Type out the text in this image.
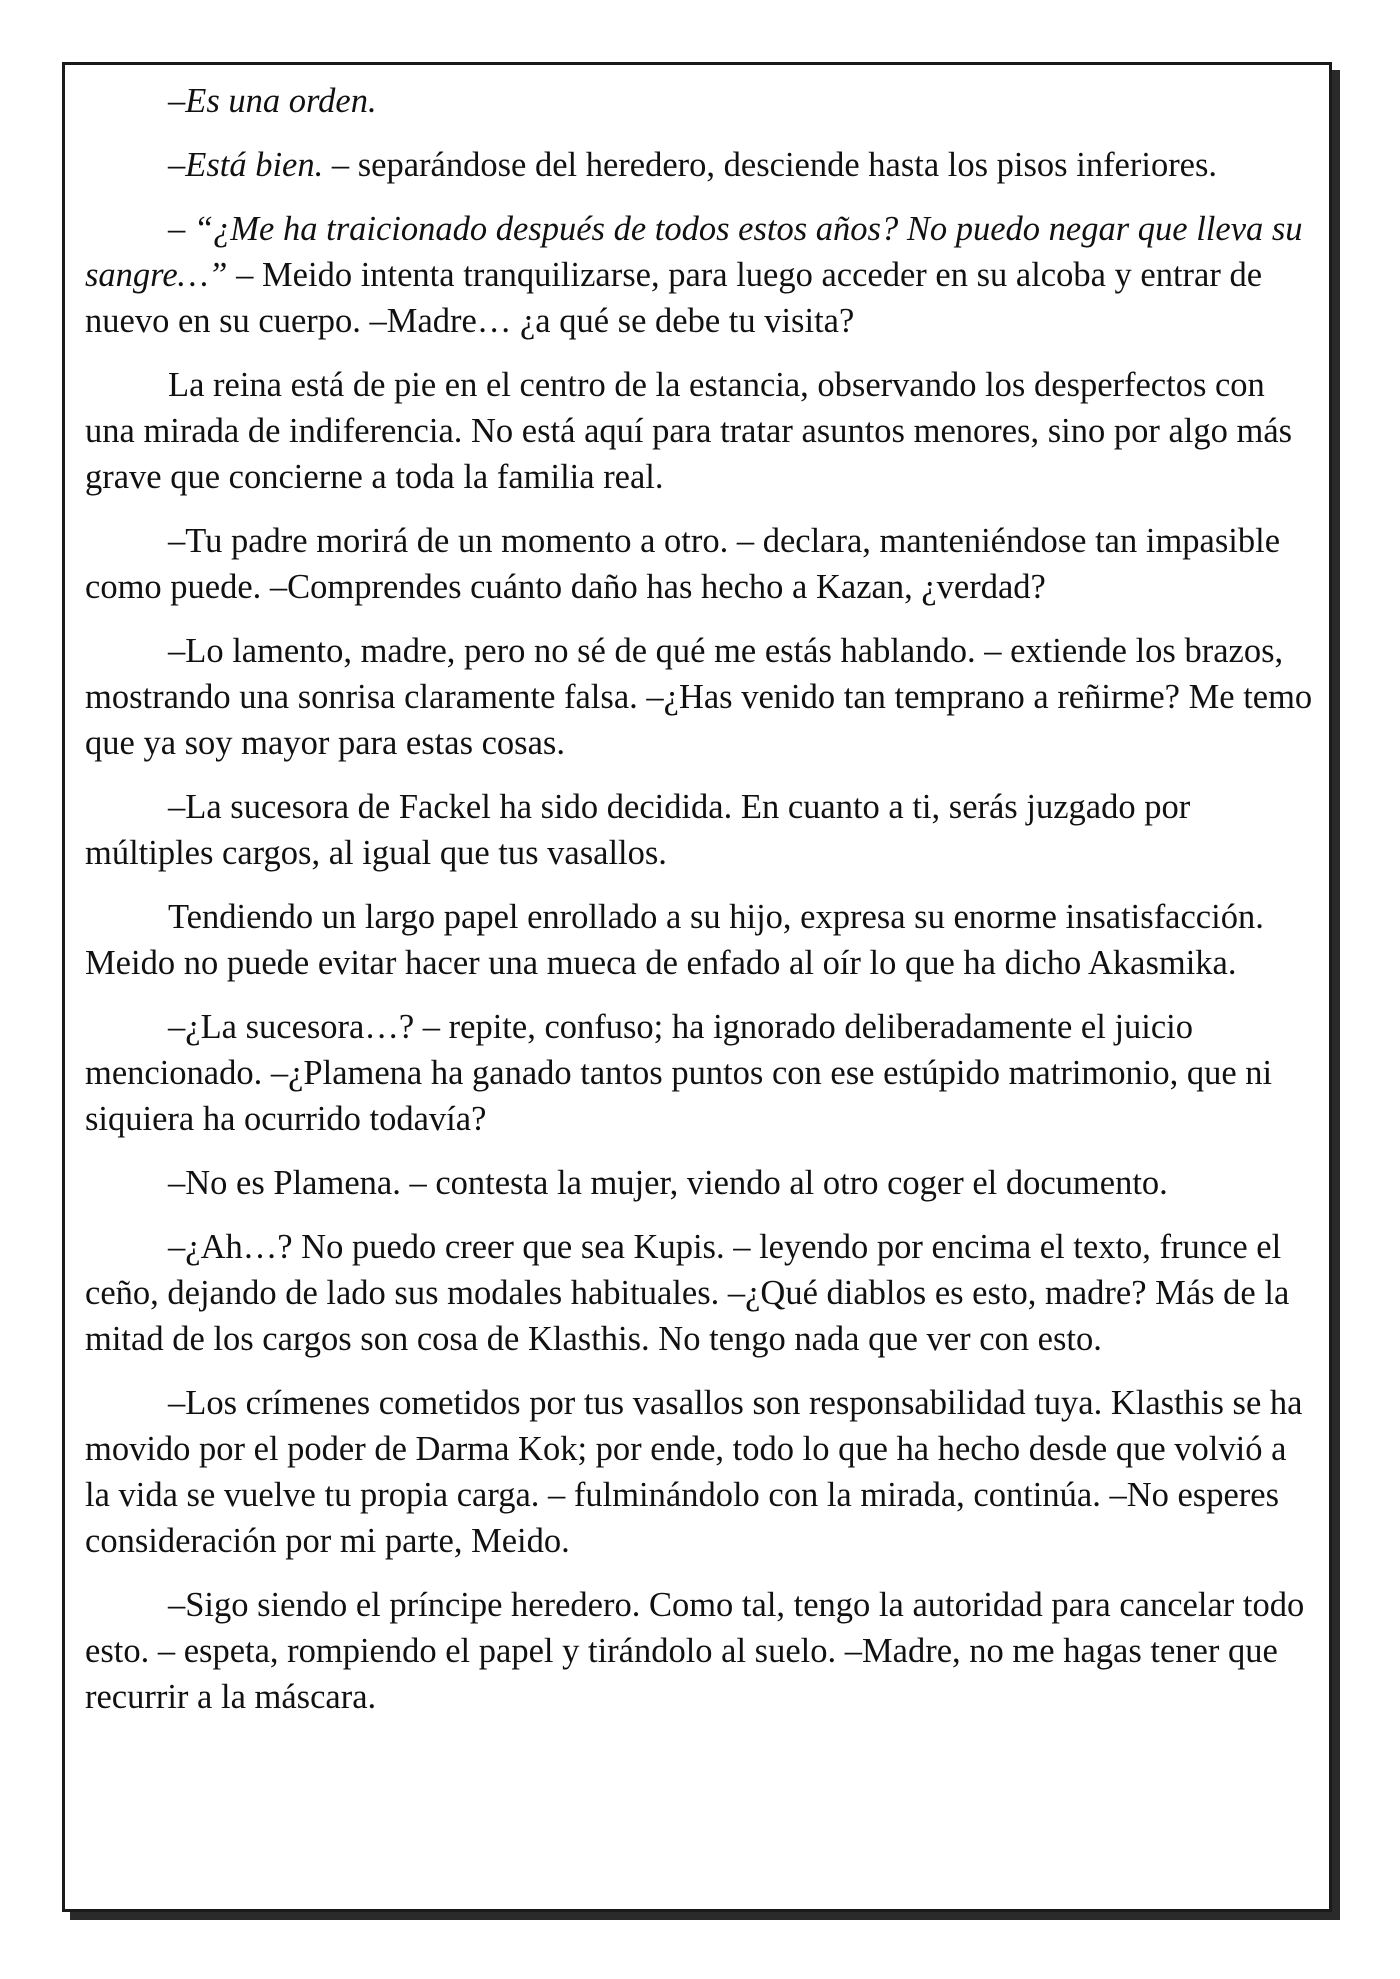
–Es una orden.

–Está bien. – separándose del heredero, desciende hasta los pisos inferiores.

– “¿Me ha traicionado después de todos estos años? No puedo negar que lleva su sangre…” – Meido intenta tranquilizarse, para luego acceder en su alcoba y entrar de nuevo en su cuerpo. –Madre… ¿a qué se debe tu visita?

La reina está de pie en el centro de la estancia, observando los desperfectos con una mirada de indiferencia. No está aquí para tratar asuntos menores, sino por algo más grave que concierne a toda la familia real.

–Tu padre morirá de un momento a otro. – declara, manteniéndose tan impasible como puede. –Comprendes cuánto daño has hecho a Kazan, ¿verdad?

–Lo lamento, madre, pero no sé de qué me estás hablando. – extiende los brazos, mostrando una sonrisa claramente falsa. –¿Has venido tan temprano a reñirme? Me temo que ya soy mayor para estas cosas.

–La sucesora de Fackel ha sido decidida. En cuanto a ti, serás juzgado por múltiples cargos, al igual que tus vasallos.

Tendiendo un largo papel enrollado a su hijo, expresa su enorme insatisfacción. Meido no puede evitar hacer una mueca de enfado al oír lo que ha dicho Akasmika.

–¿La sucesora…? – repite, confuso; ha ignorado deliberadamente el juicio mencionado. –¿Plamena ha ganado tantos puntos con ese estúpido matrimonio, que ni siquiera ha ocurrido todavía?

–No es Plamena. – contesta la mujer, viendo al otro coger el documento.

–¿Ah…? No puedo creer que sea Kupis. – leyendo por encima el texto, frunce el ceño, dejando de lado sus modales habituales. –¿Qué diablos es esto, madre? Más de la mitad de los cargos son cosa de Klasthis. No tengo nada que ver con esto.

–Los crímenes cometidos por tus vasallos son responsabilidad tuya. Klasthis se ha movido por el poder de Darma Kok; por ende, todo lo que ha hecho desde que volvió a la vida se vuelve tu propia carga. – fulminándolo con la mirada, continúa. –No esperes consideración por mi parte, Meido.

–Sigo siendo el príncipe heredero. Como tal, tengo la autoridad para cancelar todo esto. – espeta, rompiendo el papel y tirándolo al suelo. –Madre, no me hagas tener que recurrir a la máscara.
